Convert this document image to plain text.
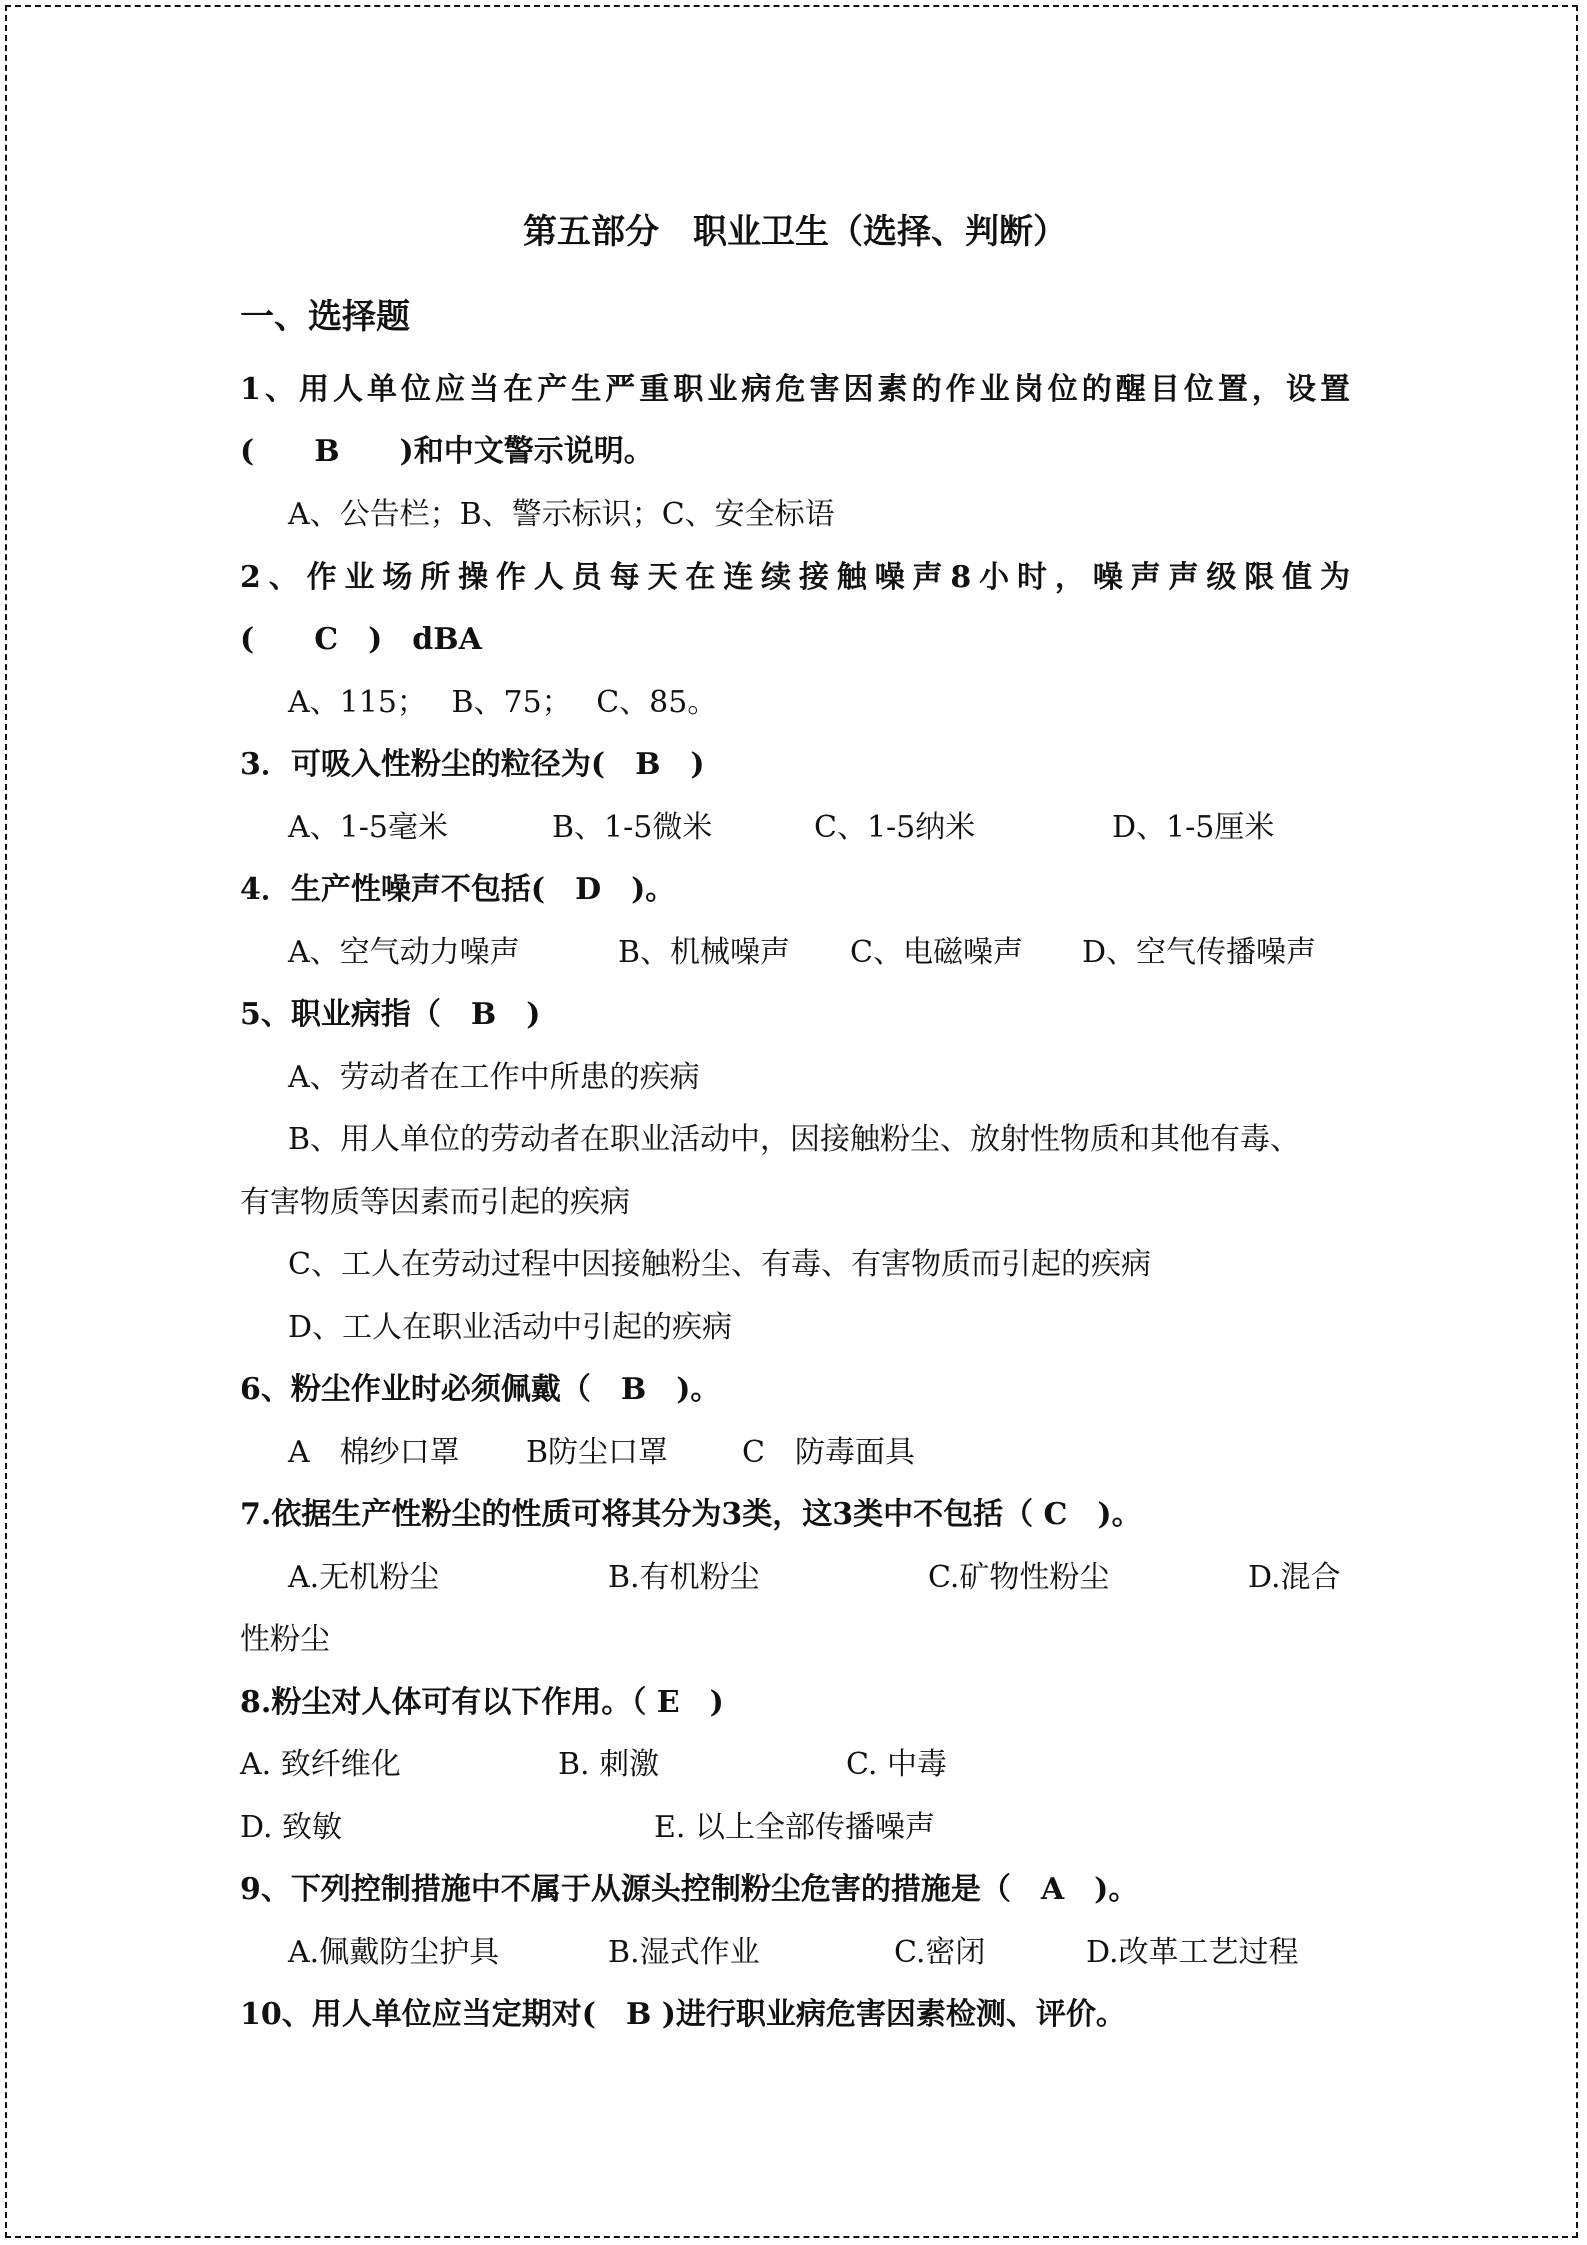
第五部分　职业卫生（选择、判断）
一、选择题
1、用人单位应当在产生严重职业病危害因素的作业岗位的醒目位置，设置
(　　B　　)和中文警示说明。
A、公告栏；B、警示标识；C、安全标语
2、作业场所操作人员每天在连续接触噪声8小时，噪声声级限值为
(　　C　)　dBA
A、115；　 B、75；　 C、85。
3．可吸入性粉尘的粒径为(　B　)
A、1-5毫米	B、1-5微米	C、1-5纳米	D、1-5厘米
4．生产性噪声不包括(　D　)。
A、空气动力噪声	B、机械噪声 C、电磁噪声 D、空气传播噪声
5、职业病指（　B　)
A、劳动者在工作中所患的疾病
B、用人单位的劳动者在职业活动中，因接触粉尘、放射性物质和其他有毒、
有害物质等因素而引起的疾病
C、工人在劳动过程中因接触粉尘、有毒、有害物质而引起的疾病
D、工人在职业活动中引起的疾病
6、粉尘作业时必须佩戴（　B　)。
A　棉纱口罩 B防尘口罩 C　防毒面具
7.依据生产性粉尘的性质可将其分为3类，这3类中不包括（ C　)。
A.无机粉尘	B.有机粉尘	C.矿物性粉尘	D.混合
性粉尘
8.粉尘对人体可有以下作用。（ E　)
A. 致纤维化	B. 刺激	C. 中毒
D. 致敏	E. 以上全部传播噪声
9、下列控制措施中不属于从源头控制粉尘危害的措施是（　A　)。
A.佩戴防尘护具	B.湿式作业	C.密闭	D.改革工艺过程
10、用人单位应当定期对(　B )进行职业病危害因素检测、评价。
